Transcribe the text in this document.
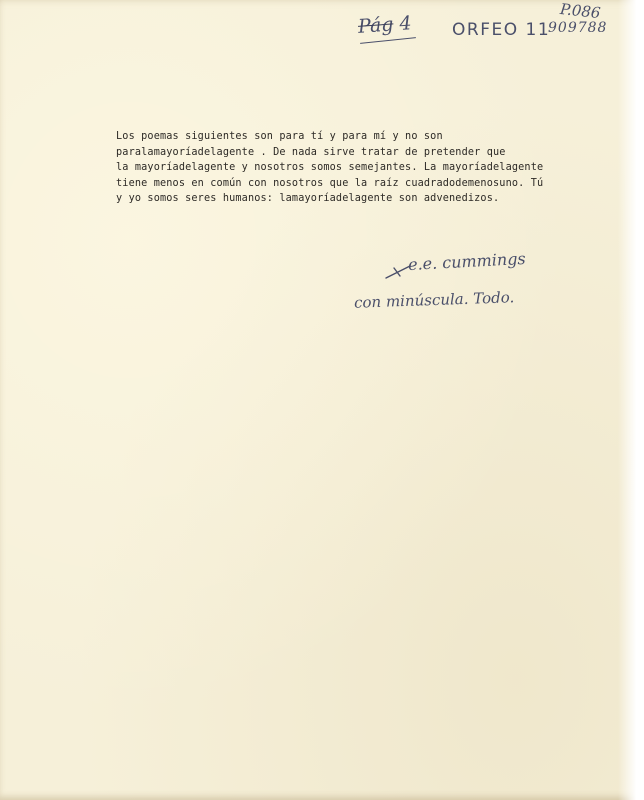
Pág 4 ORFEO 11
P.086
909788
Los poemas siguientes son para tí y para mí y no son
paralamayoríadelagente . De nada sirve tratar de pretender que
la mayoríadelagente y nosotros somos semejantes. La mayoríadelagente
tiene menos en común con nosotros que la raíz cuadradodemenosuno. Tú
y yo somos seres humanos: lamayoríadelagente son advenedizos.
e.e. cummings
con minúscula. Todo.
